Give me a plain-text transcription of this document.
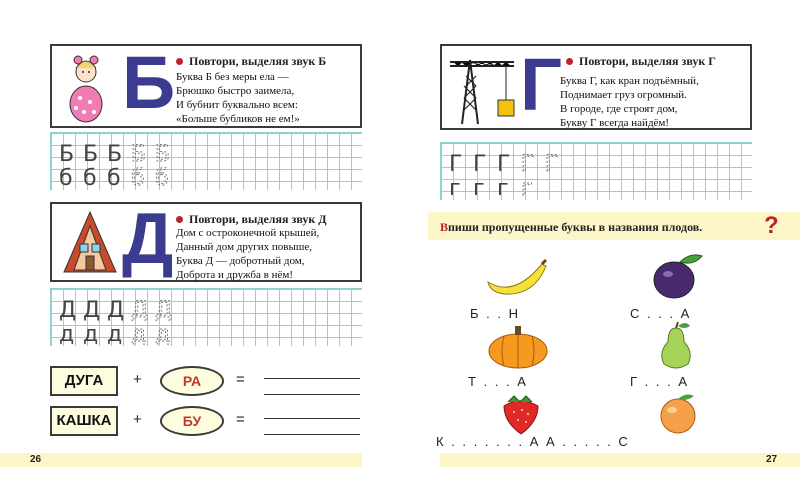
Б	Повтори, выделяя звук Б
Буква Б без меры ела —
Брюшко быстро заимела,
И бубнит буквально всем:
«Больше бубликов не ем!»
Б Б Б Б Б
б б б б б
Д	Повтори, выделяя звук Д
Дом с остроконечной крышей,
Данный дом других повыше,
Буква Д — добротный дом,
Доброта и дружба в нём!
Д Д Д Д Д
д д д д д
ДУГА	+	РА	=
КАШКА	+	БУ	=
26
Г	Повтори, выделяя звук Г
Буква Г, как кран подъёмный,
Поднимает груз огромный.
В городе, где строят дом,
Букву Г всегда найдём!
Г Г Г Г Г
г г г г
Впиши пропущенные буквы в названия плодов.	?
Б . . Н	С . . . А
Т . . . А	Г . . . А
К . . . . . . . А А . . . . . С
27
